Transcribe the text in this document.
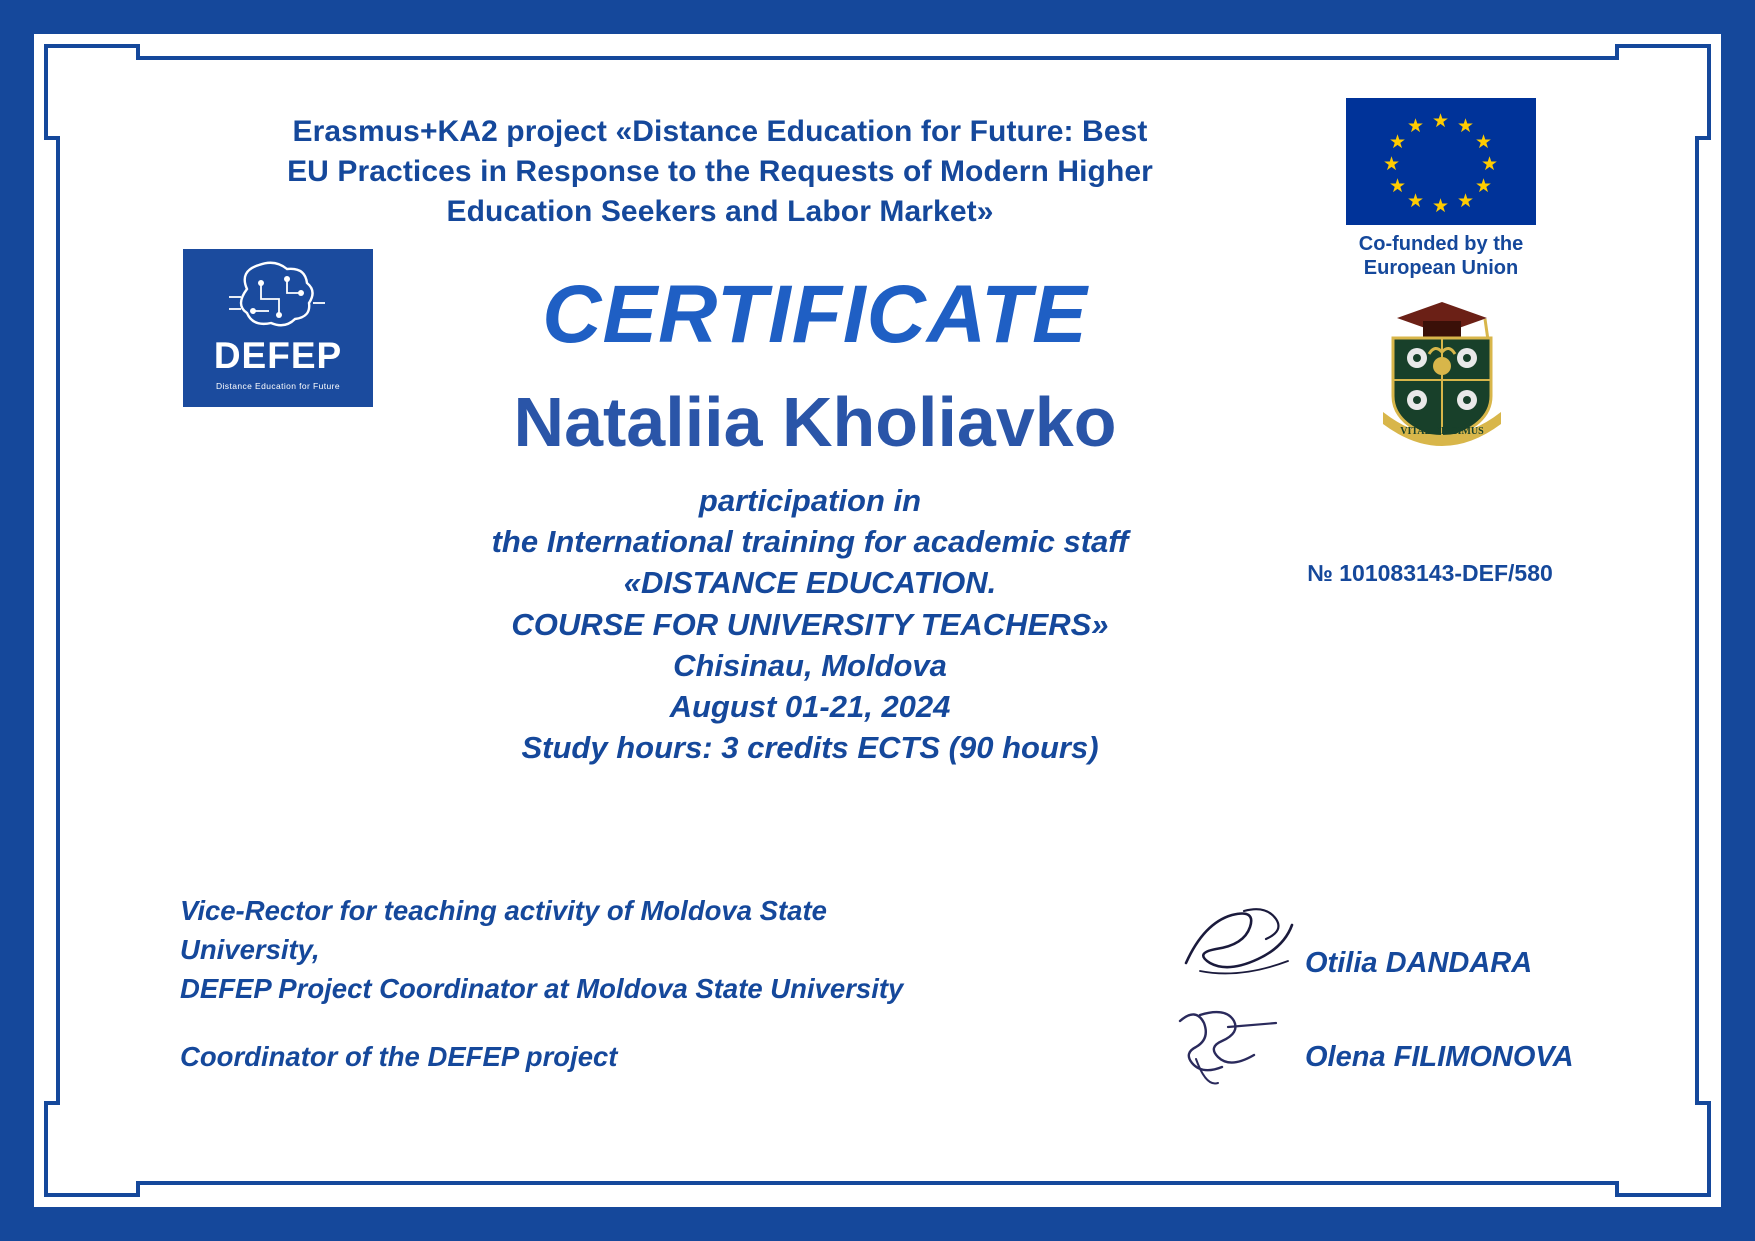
Erasmus+KA2 project «Distance Education for Future: Best
EU Practices in Response to the Requests of Modern Higher
Education Seekers and Labor Market»
★ ★
★
★
★
★
★
★
★
★
★
★
Co-funded by the
European Union
VITAE DISCIMUS
DEFEP
Distance Education for Future
CERTIFICATE
Nataliia Kholiavko
participation in
the International training for academic staff
«DISTANCE EDUCATION.
COURSE FOR UNIVERSITY TEACHERS»
Chisinau, Moldova
August 01-21, 2024
Study hours: 3 credits ECTS (90 hours)
№ 101083143-DEF/580
Vice-Rector for teaching activity of Moldova State University,
DEFEP Project Coordinator at Moldova State University
Otilia DANDARA
Coordinator of the DEFEP project	Olena FILIMONOVA
